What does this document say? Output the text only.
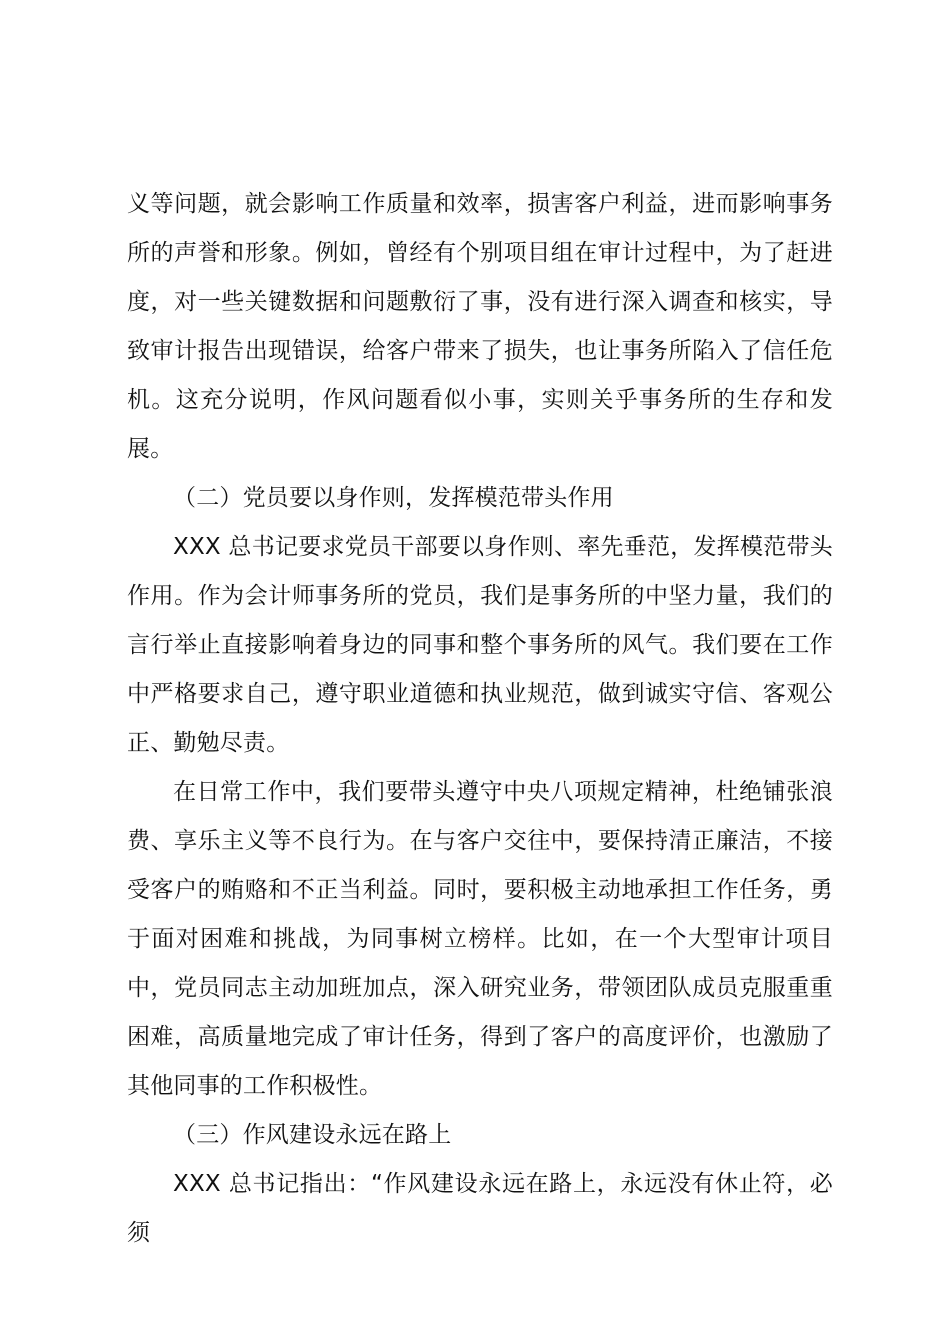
义等问题，就会影响工作质量和效率，损害客户利益，进而影响事务所的声誉和形象。例如，曾经有个别项目组在审计过程中，为了赶进度，对一些关键数据和问题敷衍了事，没有进行深入调查和核实，导致审计报告出现错误，给客户带来了损失，也让事务所陷入了信任危机。这充分说明，作风问题看似小事，实则关乎事务所的生存和发展。

（二）党员要以身作则，发挥模范带头作用

XXX 总书记要求党员干部要以身作则、率先垂范，发挥模范带头作用。作为会计师事务所的党员，我们是事务所的中坚力量，我们的言行举止直接影响着身边的同事和整个事务所的风气。我们要在工作中严格要求自己，遵守职业道德和执业规范，做到诚实守信、客观公正、勤勉尽责。

在日常工作中，我们要带头遵守中央八项规定精神，杜绝铺张浪费、享乐主义等不良行为。在与客户交往中，要保持清正廉洁，不接受客户的贿赂和不正当利益。同时，要积极主动地承担工作任务，勇于面对困难和挑战，为同事树立榜样。比如，在一个大型审计项目中，党员同志主动加班加点，深入研究业务，带领团队成员克服重重困难，高质量地完成了审计任务，得到了客户的高度评价，也激励了其他同事的工作积极性。

（三）作风建设永远在路上

XXX 总书记指出：“作风建设永远在路上，永远没有休止符，必须
